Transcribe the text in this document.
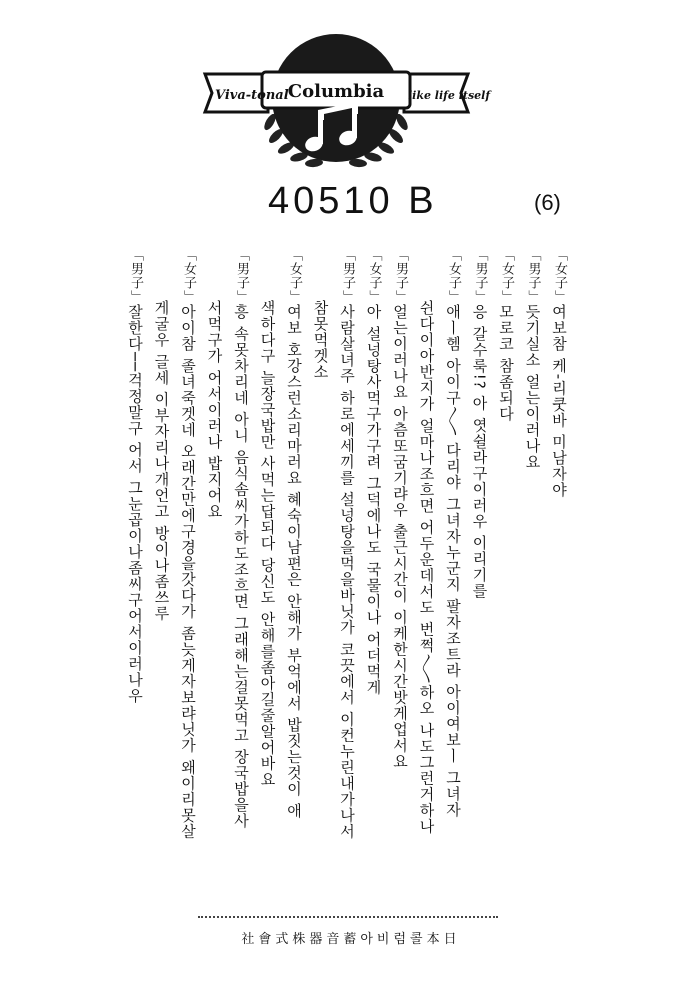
Viva-tonal Columbia like life itself
40510 B	(6)

「女子」여보참 케-리쿳바 미남자야

「男子」듯기실소 얼는이러나요

「女子」모로코 참좀되다

「男子」응 갈수룩!? 아 엿쉴라구이러우 이리기를

「女子」애ㅣ헴 아이구〳〵 다리야 그녀자누군지 팔자조트라 아이여보ㅣ 그녀자

쉰다이아반지가 얼마나조흐면 어두운데서도 번쩍〳〵하오 나도그런거하나

「男子」얼는이러나요 아츰또굼기랴우 출근시간이 이케한시간밧게업서요

「女子」아 설넝탕사먹구가구려 그덕에나도 국물이나 어더먹게

「男子」사람살녀주 하로에세끼를 설넝탕을먹을바닛가 코끗에서 이컨누린내가나서

참못먹겟소

「女子」여보 호강스런소리마러요 혜숙이남편은 안해가 부억에서 밥짓는것이 애

색하다구 늘장국밥만 사먹는답되다 당신도 안해를좀아길줄알어바요

「男子」흥 속못차리네 아니 음식솜씨가하도조흐면 그래해는걸못먹고 장국밥을사

서먹구가 어서이러나 밥지어요

「女子」아이참 졸녀죽겟네 오래간만에구경을갓다가 좀늣게자보랴닛가 왜이리못살

게굴우 글세 이부자리나개언고 방이나좀쓰루

「男子」잘한다──걱정말구 어서 그눈곱이나좀씨구어서이러나우

社會式株器音蓄아비럼콜本日
